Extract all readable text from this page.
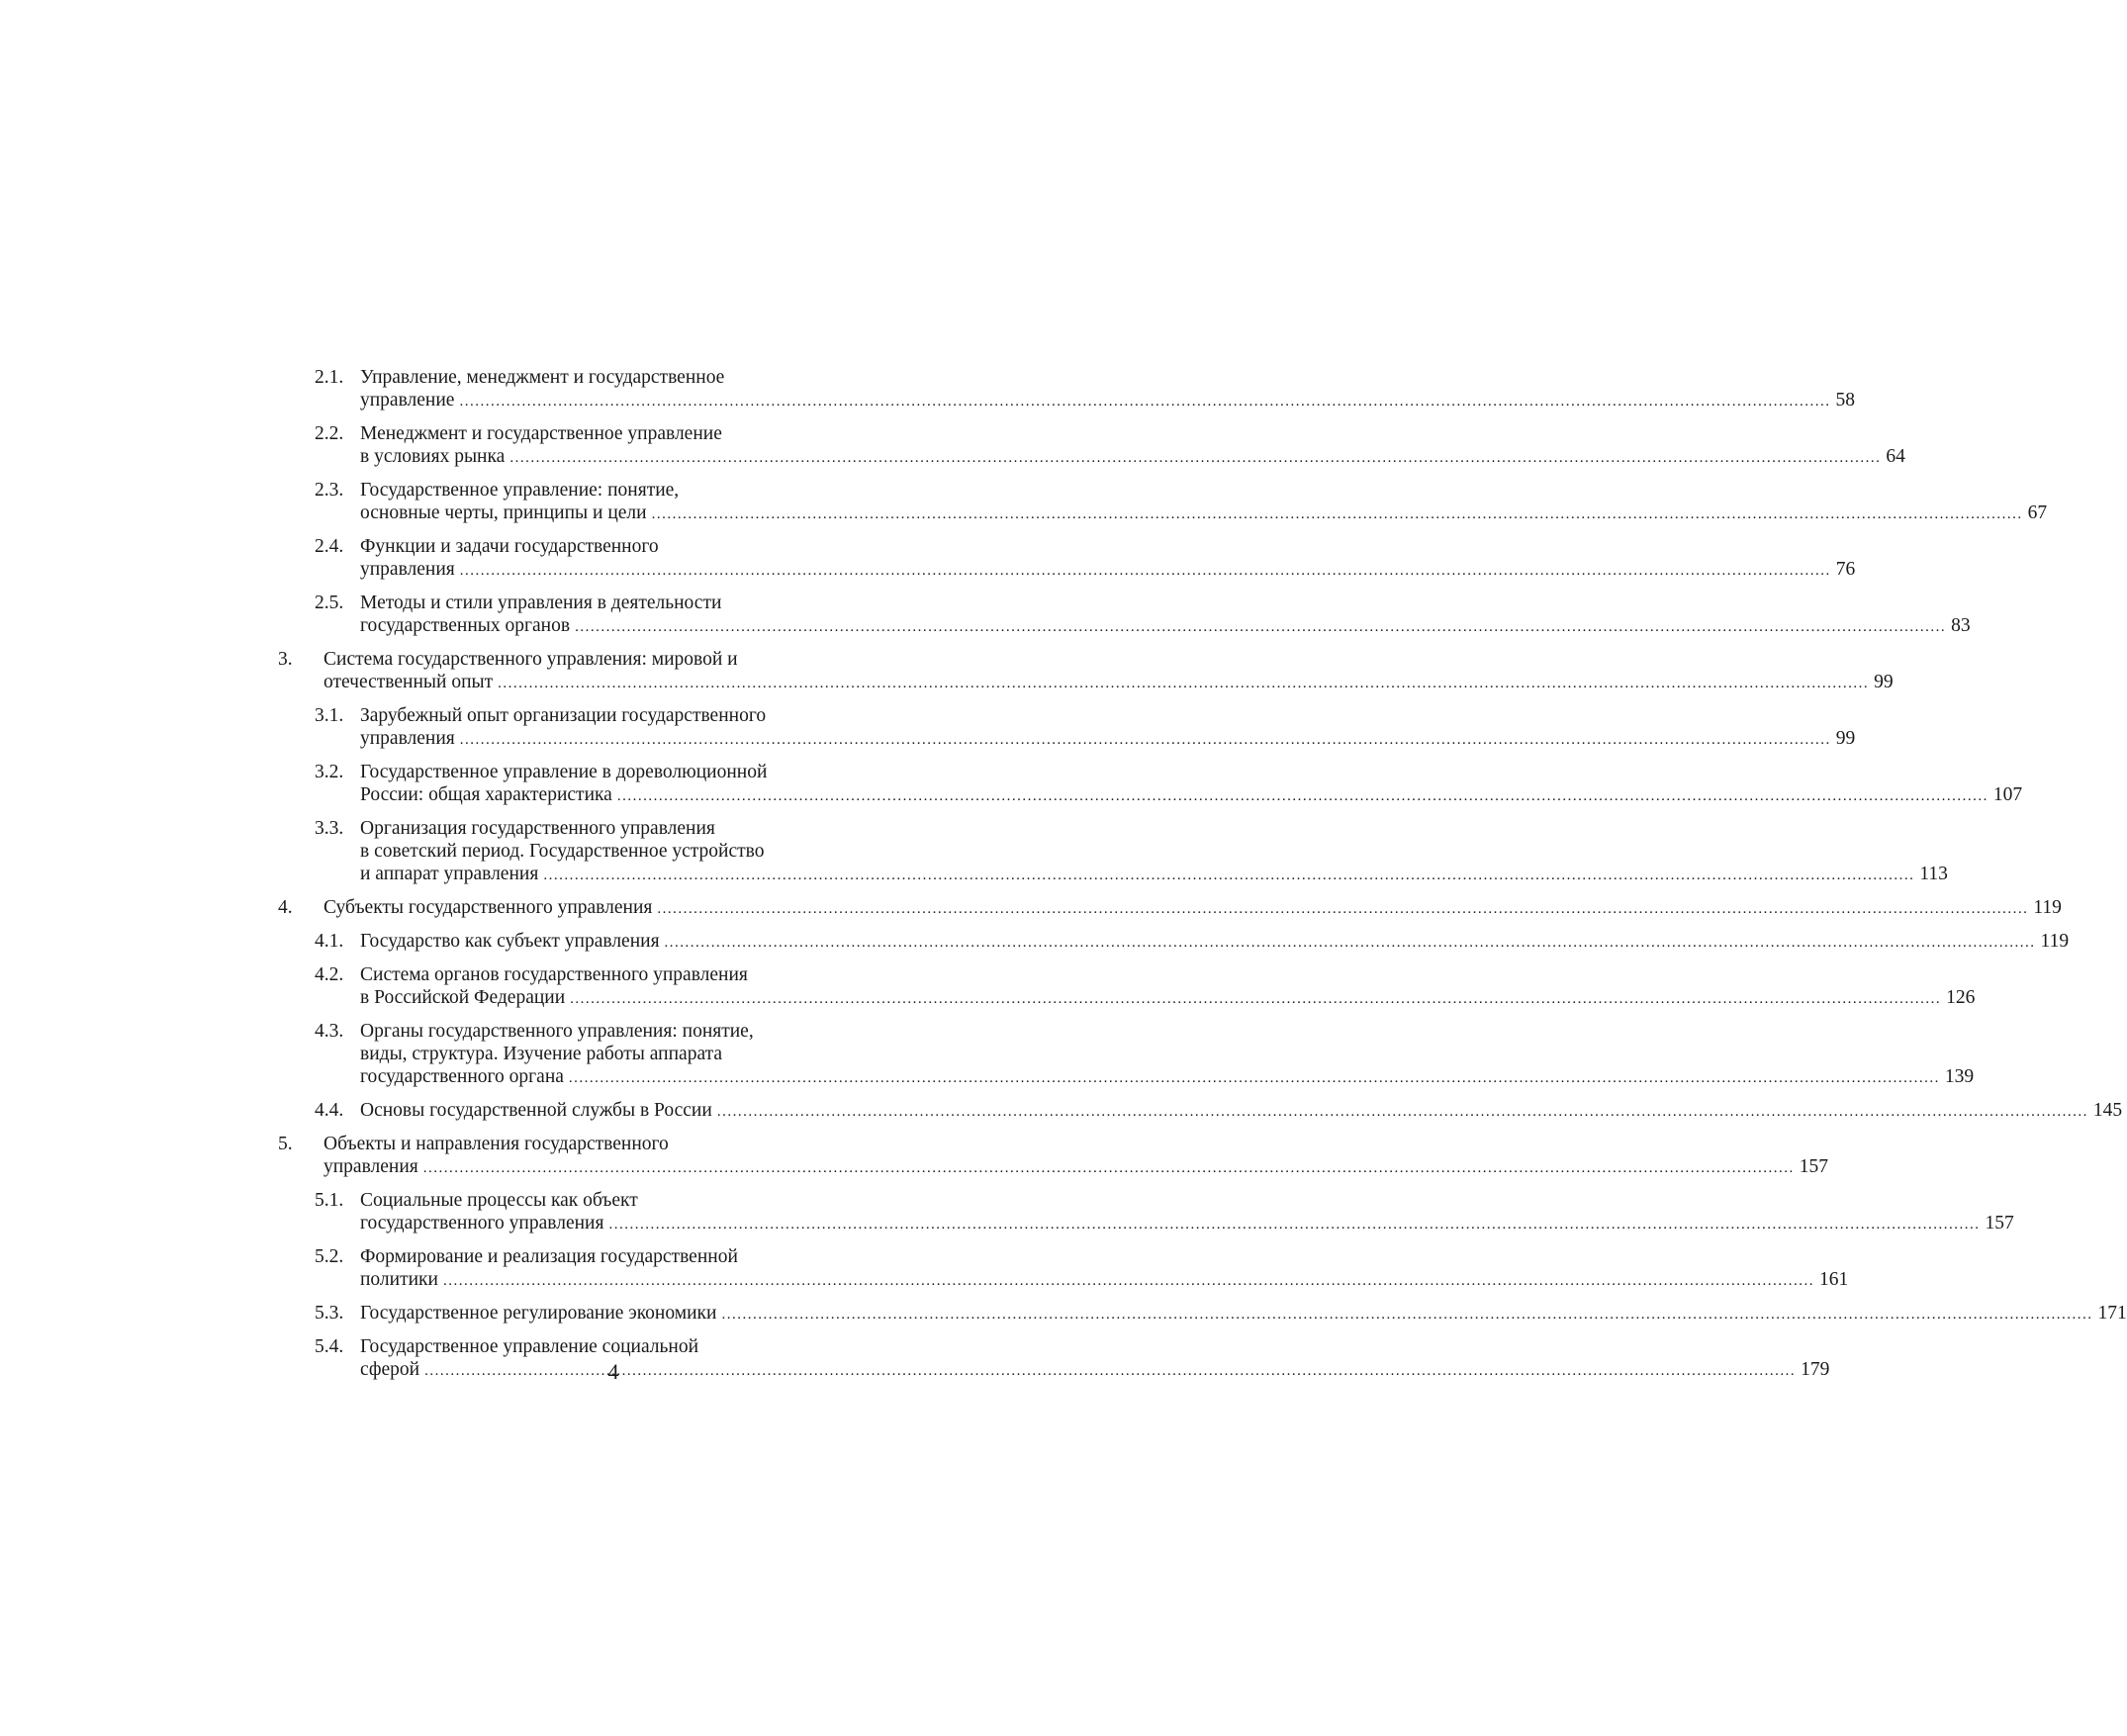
2.1. Управление, менеджмент и государственное
управление .....	58
2.2. Менеджмент и государственное управление
в условиях рынка .....	64
2.3. Государственное управление: понятие,
основные черты, принципы и цели .....	67
2.4. Функции и задачи государственного
управления .....	76
2.5. Методы и стили управления в деятельности
государственных органов .....	83
3.	Система государственного управления: мировой и
отечественный опыт .....	99
3.1. Зарубежный опыт организации государственного
управления .....	99
3.2. Государственное управление в дореволюционной
России: общая характеристика .....	107
3.3. Организация государственного управления
в советский период. Государственное устройство
и аппарат управления .....	113
4.	Субъекты государственного управления .....	119
4.1. Государство как субъект управления .....	119
4.2. Система органов государственного управления
в Российской Федерации .....	126
4.3. Органы государственного управления: понятие,
виды, структура. Изучение работы аппарата
государственного органа .....	139
4.4. Основы государственной службы в России .....	145
5.	Объекты и направления государственного
управления .....	157
5.1. Социальные процессы как объект
государственного управления .....	157
5.2. Формирование и реализация государственной
политики .....	161
5.3. Государственное регулирование экономики .....	171
5.4. Государственное управление социальной
сферой .....	179
4
